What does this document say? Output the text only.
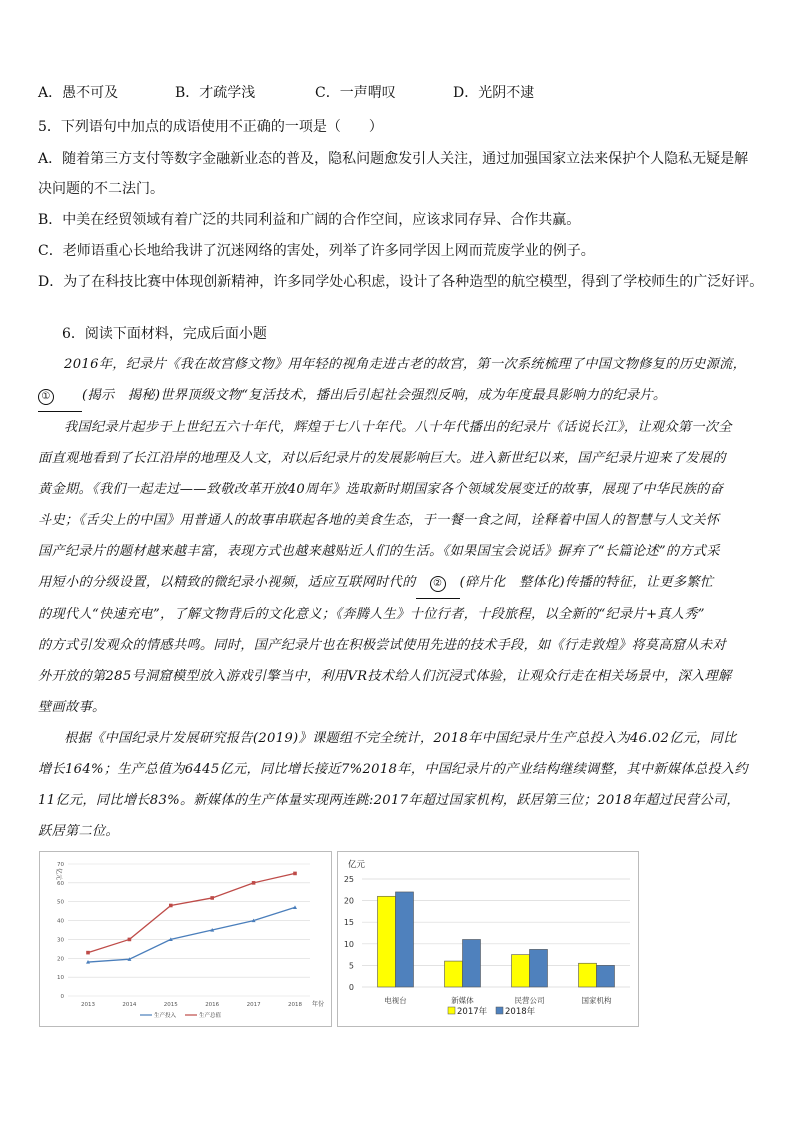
A．愚不可及	B．才疏学浅	C．一声喟叹	D．光阴不逮
5．下列语句中加点的成语使用不正确的一项是（　　）
A．随着第三方支付等数字金融新业态的普及，隐私问题愈发引人关注，通过加强国家立法来保护个人隐私无疑是解
决问题的不二法门。
B．中美在经贸领域有着广泛的共同利益和广阔的合作空间，应该求同存异、合作共赢。
C．老师语重心长地给我讲了沉迷网络的害处，列举了许多同学因上网而荒废学业的例子。
D．为了在科技比赛中体现创新精神，许多同学处心积虑，设计了各种造型的航空模型，得到了学校师生的广泛好评。
6．阅读下面材料，完成后面小题
2016年，纪录片《我在故宫修文物》用年轻的视角走进古老的故宫，第一次系统梳理了中国文物修复的历史源流，
① (揭示　揭秘)世界顶级文物“复活技术，播出后引起社会强烈反响，成为年度最具影响力的纪录片。
我国纪录片起步于上世纪五六十年代，辉煌于七八十年代。八十年代播出的纪录片《话说长江》，让观众第一次全
面直观地看到了长江沿岸的地理及人文，对以后纪录片的发展影响巨大。进入新世纪以来，国产纪录片迎来了发展的
黄金期。《我们一起走过——致敬改革开放40周年》选取新时期国家各个领域发展变迁的故事，展现了中华民族的奋
斗史；《舌尖上的中国》用普通人的故事串联起各地的美食生态，于一餐一食之间，诠释着中国人的智慧与人文关怀
国产纪录片的题材越来越丰富，表现方式也越来越贴近人们的生活。《如果国宝会说话》摒弃了“长篇论述”的方式采
用短小的分级设置，以精致的微纪录小视频，适应互联网时代的 ② (碎片化　整体化)传播的特征，让更多繁忙
的现代人“快速充电”，了解文物背后的文化意义；《奔腾人生》十位行者，十段旅程，以全新的“纪录片+真人秀”
的方式引发观众的情感共鸣。同时，国产纪录片也在积极尝试使用先进的技术手段，如《行走敦煌》将莫高窟从未对
外开放的第285号洞窟模型放入游戏引擎当中，利用VR技术给人们沉浸式体验，让观众行走在相关场景中，深入理解
壁画故事。
根据《中国纪录片发展研究报告(2019)》课题组不完全统计，2018年中国纪录片生产总投入为46.02亿元，同比
增长164%；生产总值为6445亿元，同比增长接近7%2018年，中国纪录片的产业结构继续调整，其中新媒体总投入约
11亿元，同比增长83%。新媒体的生产体量实现两连跳:2017年超过国家机构，跃居第三位；2018年超过民营公司，
跃居第二位。
亿元
0
10
20
30
40
50
60
70
2013	2014	2015	2016	2017	2018 年份
生产投入	生产总值
亿元
0
5
10
15
20
25
电视台	新媒体	民营公司	国家机构
2017年 2018年
